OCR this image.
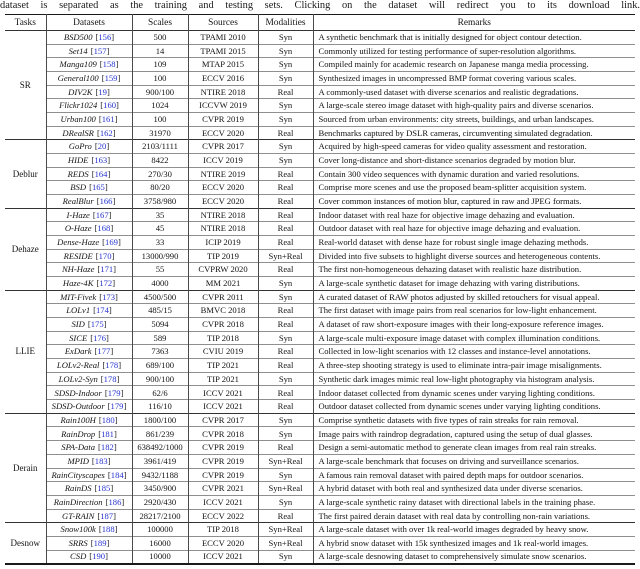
dataset is separated as the training and testing sets. Clicking on the dataset will redirect you to its download link.
Tasks	Datasets	Scales	Sources	Modalities	Remarks
SR	BSD500 [ 156 ]	500	TPAMI 2010	Syn	A synthetic benchmark that is initially designed for object contour detection.
	Set14 [ 157 ]	14	TPAMI 2015	Syn	Commonly utilized for testing performance of super-resolution algorithms.
	Manga109 [ 158 ]	109	MTAP 2015	Syn	Compiled mainly for academic research on Japanese manga media processing.
	General100 [ 159 ]	100	ECCV 2016	Syn	Synthesized images in uncompressed BMP format covering various scales.
	DIV2K [ 19 ]	900/100	NTIRE 2018	Real	A commonly-used dataset with diverse scenarios and realistic degradations.
	Flickr1024 [ 160 ]	1024	ICCVW 2019	Syn	A large-scale stereo image dataset with high-quality pairs and diverse scenarios.
	Urban100 [ 161 ]	100	CVPR 2019	Syn	Sourced from urban environments: city streets, buildings, and urban landscapes.
	DRealSR [ 162 ]	31970	ECCV 2020	Real	Benchmarks captured by DSLR cameras, circumventing simulated degradation.
Deblur	GoPro [ 20 ]	2103/1111	CVPR 2017	Syn	Acquired by high-speed cameras for video quality assessment and restoration.
	HIDE [ 163 ]	8422	ICCV 2019	Syn	Cover long-distance and short-distance scenarios degraded by motion blur.
	REDS [ 164 ]	270/30	NTIRE 2019	Real	Contain 300 video sequences with dynamic duration and varied resolutions.
	BSD [ 165 ]	80/20	ECCV 2020	Real	Comprise more scenes and use the proposed beam-splitter acquisition system.
	RealBlur [ 166 ]	3758/980	ECCV 2020	Real	Cover common instances of motion blur, captured in raw and JPEG formats.
Dehaze	I-Haze [ 167 ]	35	NTIRE 2018	Real	Indoor dataset with real haze for objective image dehazing and evaluation.
	O-Haze [ 168 ]	45	NTIRE 2018	Real	Outdoor dataset with real haze for objective image dehazing and evaluation.
	Dense-Haze [ 169 ]	33	ICIP 2019	Real	Real-world dataset with dense haze for robust single image dehazing methods.
	RESIDE [ 170 ]	13000/990	TIP 2019	Syn+Real	Divided into five subsets to highlight diverse sources and heterogeneous contents.
	NH-Haze [ 171 ]	55	CVPRW 2020	Real	The first non-homogeneous dehazing dataset with realistic haze distribution.
	Haze-4K [ 172 ]	4000	MM 2021	Syn	A large-scale synthetic dataset for image dehazing with varing distributions.
LLIE	MIT-Fivek [ 173 ]	4500/500	CVPR 2011	Syn	A curated dataset of RAW photos adjusted by skilled retouchers for visual appeal.
	LOLv1 [ 174 ]	485/15	BMVC 2018	Real	The first dataset with image pairs from real scenarios for low-light enhancement.
	SID [ 175 ]	5094	CVPR 2018	Real	A dataset of raw short-exposure images with their long-exposure reference images.
	SICE [ 176 ]	589	TIP 2018	Syn	A large-scale multi-exposure image dataset with complex illumination conditions.
	ExDark [ 177 ]	7363	CVIU 2019	Real	Collected in low-light scenarios with 12 classes and instance-level annotations.
	LOLv2-Real [ 178 ]	689/100	TIP 2021	Real	A three-step shooting strategy is used to eliminate intra-pair image misalignments.
	LOLv2-Syn [ 178 ]	900/100	TIP 2021	Syn	Synthetic dark images mimic real low-light photography via histogram analysis.
	SDSD-Indoor [ 179 ]	62/6	ICCV 2021	Real	Indoor dataset collected from dynamic scenes under varying lighting conditions.
	SDSD-Outdoor [ 179 ]	116/10	ICCV 2021	Real	Outdoor dataset collected from dynamic scenes under varying lighting conditions.
Derain	Rain100H [ 180 ]	1800/100	CVPR 2017	Syn	Comprise synthetic datasets with five types of rain streaks for rain removal.
	RainDrop [ 181 ]	861/239	CVPR 2018	Syn	Image pairs with raindrop degradation, captured using the setup of dual glasses.
	SPA-Data [ 182 ]	638492/1000	CVPR 2019	Real	Design a semi-automatic method to generate clean images from real rain streaks.
	MPID [ 183 ]	3961/419	CVPR 2019	Syn+Real	A large-scale benchmark that focuses on driving and surveillance scenarios.
	RainCityscapes [ 184 ]	9432/1188	CVPR 2019	Syn	A famous rain removal dataset with paired depth maps for outdoor scenarios.
	RainDS [ 185 ]	3450/900	CVPR 2021	Syn+Real	A hybrid dataset with both real and synthesized data under diverse scenarios.
	RainDirection [ 186 ]	2920/430	ICCV 2021	Syn	A large-scale synthetic rainy dataset with directional labels in the training phase.
	GT-RAIN [ 187 ]	28217/2100	ECCV 2022	Real	The first paired derain dataset with real data by controlling non-rain variations.
Desnow	Snow100k [ 188 ]	100000	TIP 2018	Syn+Real	A large-scale dataset with over 1k real-world images degraded by heavy snow.
	SRRS [ 189 ]	16000	ECCV 2020	Syn+Real	A hybrid snow dataset with 15k synthesized images and 1k real-world images.
	CSD [ 190 ]	10000	ICCV 2021	Syn	A large-scale desnowing dataset to comprehensively simulate snow scenarios.
